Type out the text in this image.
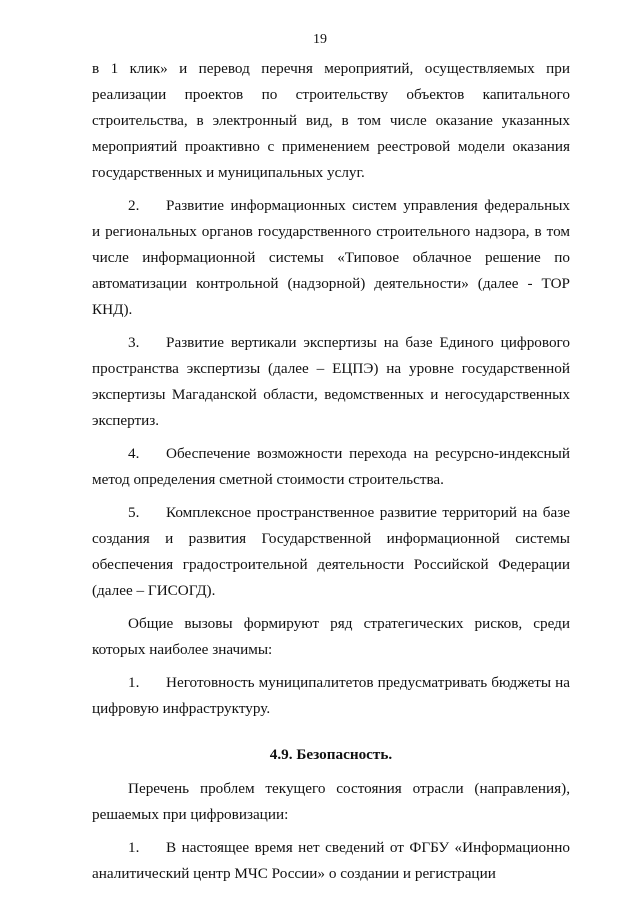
19

в 1 клик» и перевод перечня мероприятий, осуществляемых при реализации проектов по строительству объектов капитального строительства, в электронный вид, в том числе оказание указанных мероприятий проактивно с применением реестровой модели оказания государственных и муниципальных услуг.

2. Развитие информационных систем управления федеральных и региональных органов государственного строительного надзора, в том числе информационной системы «Типовое облачное решение по автоматизации контрольной (надзорной) деятельности» (далее - ТОР КНД).

3. Развитие вертикали экспертизы на базе Единого цифрового пространства экспертизы (далее – ЕЦПЭ) на уровне государственной экспертизы Магаданской области, ведомственных и негосударственных экспертиз.

4. Обеспечение возможности перехода на ресурсно-индексный метод определения сметной стоимости строительства.

5. Комплексное пространственное развитие территорий на базе создания и развития Государственной информационной системы обеспечения градостроительной деятельности Российской Федерации (далее – ГИСОГД).

Общие вызовы формируют ряд стратегических рисков, среди которых наиболее значимы:

1. Неготовность муниципалитетов предусматривать бюджеты на цифровую инфраструктуру.

4.9. Безопасность.

Перечень проблем текущего состояния отрасли (направления), решаемых при цифровизации:

1. В настоящее время нет сведений от ФГБУ «Информационно аналитический центр МЧС России» о создании и регистрации
